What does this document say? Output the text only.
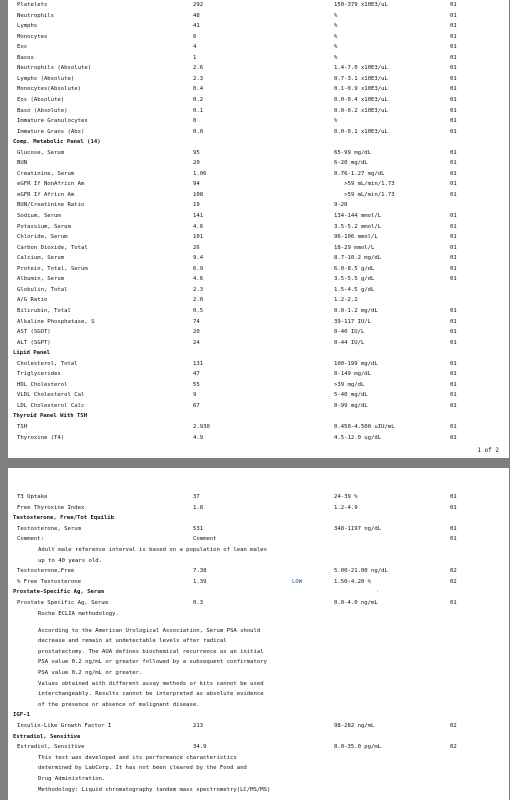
Platelets	292	150-379 x10E3/uL	01
Neutrophils	48	%	01
Lymphs	41	%	01
Monocytes	6	%	01
Eos	4	%	01
Basos	1	%	01
Neutrophils (Absolute)	2.6	1.4-7.0 x10E3/uL	01
Lymphs (Absolute)	2.3	0.7-3.1 x10E3/uL	01
Monocytes(Absolute)	0.4	0.1-0.9 x10E3/uL	01
Eos (Absolute)	0.2	0.0-0.4 x10E3/uL	01
Baso (Absolute)	0.1	0.0-0.2 x10E3/uL	01
Immature Granulocytes	0	%	01
Immature Grans (Abs)	0.0	0.0-0.1 x10E3/uL	01
Comp. Metabolic Panel (14)
Glucose, Serum	95	65-99 mg/dL	01
BUN	20	6-20 mg/dL	01
Creatinine, Serum	1.06	0.76-1.27 mg/dL	01
eGFR If NonAfricn Am	94	>59 mL/min/1.73	01
eGFR If Africn Am	108	>59 mL/min/1.73	01
BUN/Creatinine Ratio	19	9-20
Sodium, Serum	141	134-144 mmol/L	01
Potassium, Serum	4.6	3.5-5.2 mmol/L	01
Chloride, Serum	101	96-106 mmol/L	01
Carbon Dioxide, Total	26	18-29 mmol/L	01
Calcium, Serum	9.4	8.7-10.2 mg/dL	01
Protein, Total, Serum	6.9	6.0-8.5 g/dL	01
Albumin, Serum	4.6	3.5-5.5 g/dL	01
Globulin, Total	2.3	1.5-4.5 g/dL
A/G Ratio	2.0	1.2-2.2
Bilirubin, Total	0.5	0.0-1.2 mg/dL	01
Alkaline Phosphatase, S	74	39-117 IU/L	01
AST (SGOT)	20	0-40 IU/L	01
ALT (SGPT)	24	0-44 IU/L	01
Lipid Panel
Cholesterol, Total	131	100-199 mg/dL	01
Triglycerides	47	0-149 mg/dL	01
HDL Cholesterol	55	>39 mg/dL	01
VLDL Cholesterol Cal	9	5-40 mg/dL	01
LDL Cholesterol Calc	67	0-99 mg/dL	01
Thyroid Panel With TSH
TSH	2.930	0.450-4.500 uIU/mL	01
Thyroxine (T4)	4.9	4.5-12.0 ug/dL	01
1 of 2
T3 Uptake	37	24-39 %	01
Free Thyroxine Index	1.8	1.2-4.9	01
Testosterone, Free/Tot Equilib
Testosterone, Serum	531	348-1197 ng/dL	01
Comment:	Comment	01
Adult male reference interval is based on a population of lean males
up to 40 years old.
Testosterone,Free	7.38	5.00-21.00 ng/dL	02
% Free Testosterone	1.39	LOW	1.50-4.20 %	02
Prostate-Specific Ag, Serum
Prostate Specific Ag, Serum	0.3	0.0-4.0 ng/mL	01
Roche ECLIA methodology.
According to the American Urological Association, Serum PSA should
decrease and remain at undetectable levels after radical
prostatectomy. The AUA defines biochemical recurrence as an initial
PSA value 0.2 ng/mL or greater followed by a subsequent confirmatory
PSA value 0.2 ng/mL or greater.
Values obtained with different assay methods or kits cannot be used
interchangeably. Results cannot be interpreted as absolute evidence
of the presence or absence of malignant disease.
IGF-1
Insulin-Like Growth Factor I	213	98-282 ng/mL	02
Estradiol, Sensitive
Estradiol, Sensitive	34.9	8.0-35.0 pg/mL	02
This test was developed and its performance characteristics
determined by LabCorp. It has not been cleared by the Food and
Drug Administration.
Methodology: Liquid chromatography tandem mass spectrometry(LC/MS/MS)
·
